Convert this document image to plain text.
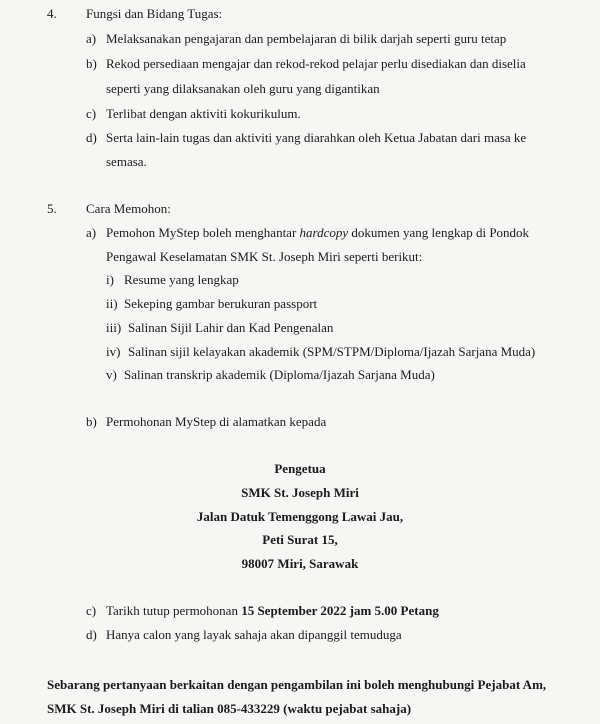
4. Fungsi dan Bidang Tugas:
a) Melaksanakan pengajaran dan pembelajaran di bilik darjah seperti guru tetap
b) Rekod persediaan mengajar dan rekod-rekod pelajar perlu disediakan dan diselia
seperti yang dilaksanakan oleh guru yang digantikan
c) Terlibat dengan aktiviti kokurikulum.
d) Serta lain-lain tugas dan aktiviti yang diarahkan oleh Ketua Jabatan dari masa ke
semasa.
5. Cara Memohon:
a) Pemohon MyStep boleh menghantar hardcopy dokumen yang lengkap di Pondok
Pengawal Keselamatan SMK St. Joseph Miri seperti berikut:
i) Resume yang lengkap
ii) Sekeping gambar berukuran passport
iii) Salinan Sijil Lahir dan Kad Pengenalan
iv) Salinan sijil kelayakan akademik (SPM/STPM/Diploma/Ijazah Sarjana Muda)
v) Salinan transkrip akademik (Diploma/Ijazah Sarjana Muda)
b) Permohonan MyStep di alamatkan kepada
Pengetua
SMK St. Joseph Miri
Jalan Datuk Temenggong Lawai Jau,
Peti Surat 15,
98007 Miri, Sarawak
c) Tarikh tutup permohonan 15 September 2022 jam 5.00 Petang
d) Hanya calon yang layak sahaja akan dipanggil temuduga
Sebarang pertanyaan berkaitan dengan pengambilan ini boleh menghubungi Pejabat Am,
SMK St. Joseph Miri di talian 085-433229 (waktu pejabat sahaja)
